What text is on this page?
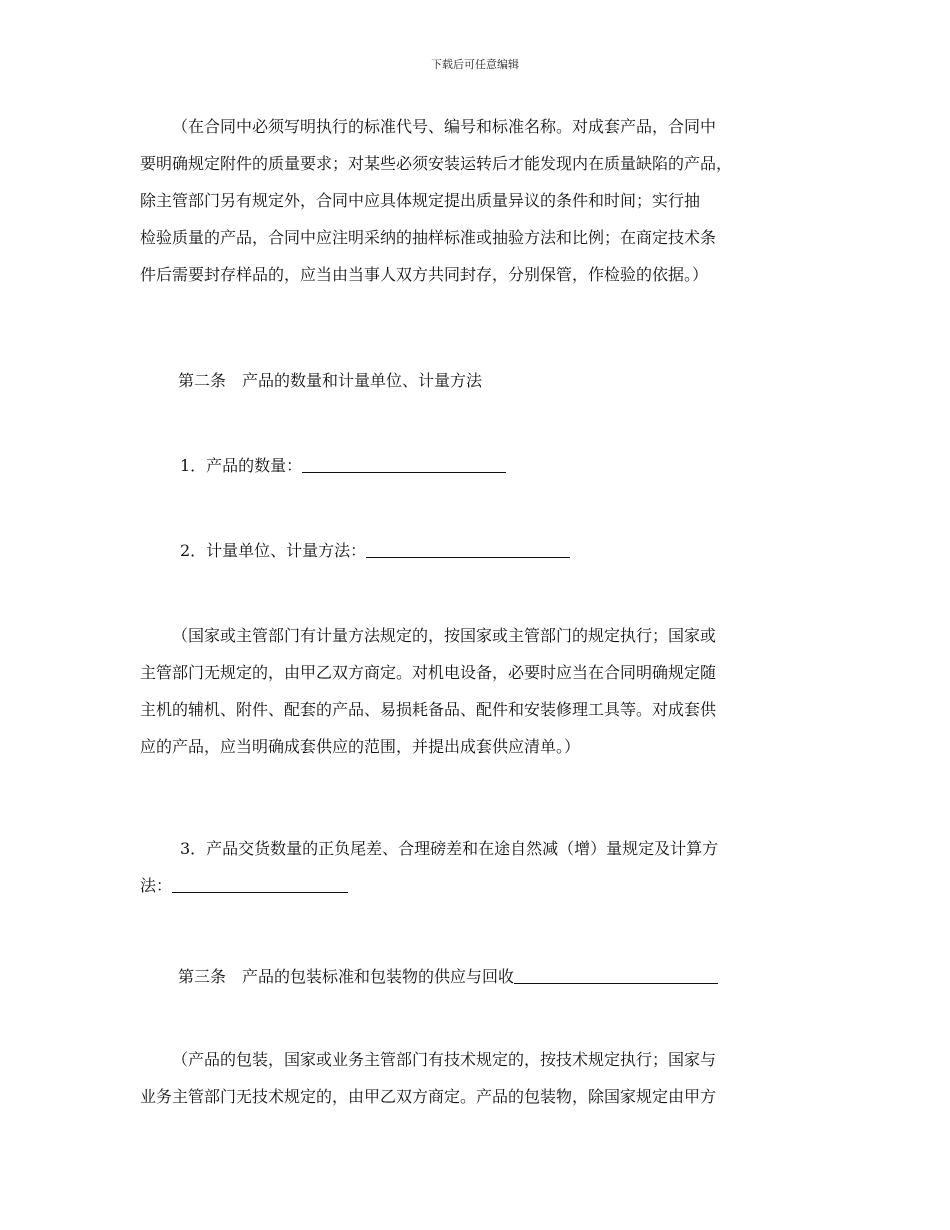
下载后可任意编辑

（在合同中必须写明执行的标准代号、编号和标准名称。对成套产品，合同中
要明确规定附件的质量要求；对某些必须安装运转后才能发现内在质量缺陷的产品，
除主管部门另有规定外，合同中应具体规定提出质量异议的条件和时间；实行抽
检验质量的产品，合同中应注明采纳的抽样标准或抽验方法和比例；在商定技术条
件后需要封存样品的，应当由当事人双方共同封存，分别保管，作检验的依据。）

第二条　产品的数量和计量单位、计量方法

1．产品的数量：

2．计量单位、计量方法：

（国家或主管部门有计量方法规定的，按国家或主管部门的规定执行；国家或
主管部门无规定的，由甲乙双方商定。对机电设备，必要时应当在合同明确规定随
主机的辅机、附件、配套的产品、易损耗备品、配件和安装修理工具等。对成套供
应的产品，应当明确成套供应的范围，并提出成套供应清单。）

3．产品交货数量的正负尾差、合理磅差和在途自然减（增）量规定及计算方
法：

第三条　产品的包装标准和包装物的供应与回收

（产品的包装，国家或业务主管部门有技术规定的，按技术规定执行；国家与
业务主管部门无技术规定的，由甲乙双方商定。产品的包装物，除国家规定由甲方
